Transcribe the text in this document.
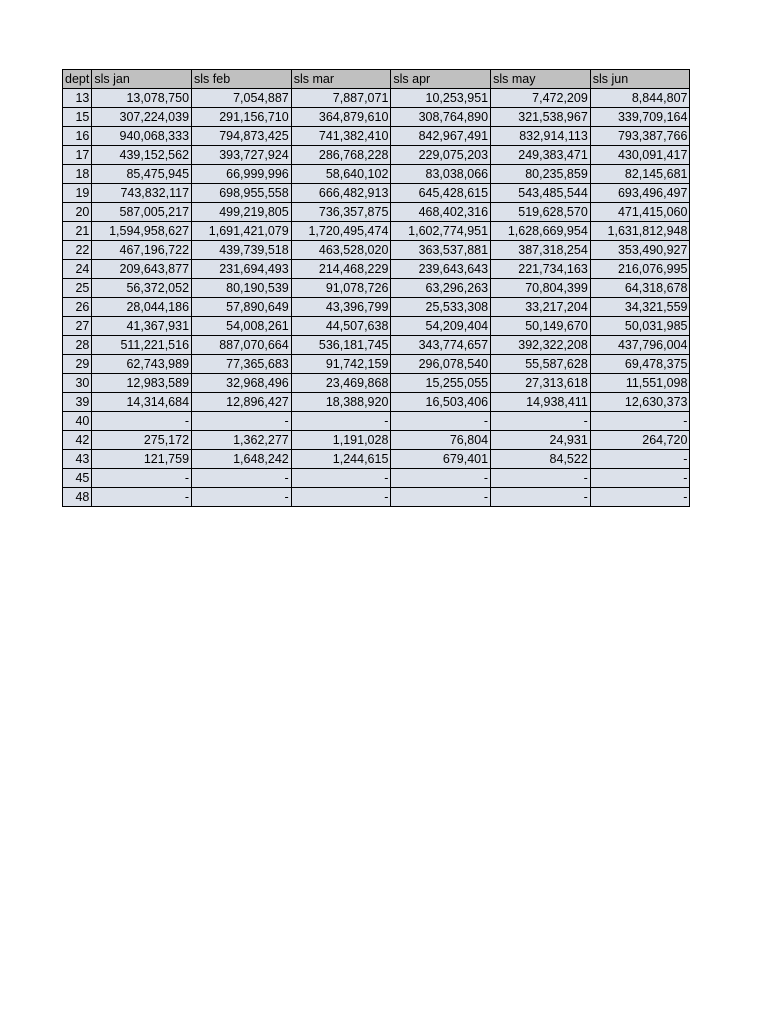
dept	sls jan	sls feb	sls mar	sls apr	sls may	sls jun
13	13,078,750	7,054,887	7,887,071	10,253,951	7,472,209	8,844,807
15	307,224,039	291,156,710	364,879,610	308,764,890	321,538,967	339,709,164
16	940,068,333	794,873,425	741,382,410	842,967,491	832,914,113	793,387,766
17	439,152,562	393,727,924	286,768,228	229,075,203	249,383,471	430,091,417
18	85,475,945	66,999,996	58,640,102	83,038,066	80,235,859	82,145,681
19	743,832,117	698,955,558	666,482,913	645,428,615	543,485,544	693,496,497
20	587,005,217	499,219,805	736,357,875	468,402,316	519,628,570	471,415,060
21	1,594,958,627	1,691,421,079	1,720,495,474	1,602,774,951	1,628,669,954	1,631,812,948
22	467,196,722	439,739,518	463,528,020	363,537,881	387,318,254	353,490,927
24	209,643,877	231,694,493	214,468,229	239,643,643	221,734,163	216,076,995
25	56,372,052	80,190,539	91,078,726	63,296,263	70,804,399	64,318,678
26	28,044,186	57,890,649	43,396,799	25,533,308	33,217,204	34,321,559
27	41,367,931	54,008,261	44,507,638	54,209,404	50,149,670	50,031,985
28	511,221,516	887,070,664	536,181,745	343,774,657	392,322,208	437,796,004
29	62,743,989	77,365,683	91,742,159	296,078,540	55,587,628	69,478,375
30	12,983,589	32,968,496	23,469,868	15,255,055	27,313,618	11,551,098
39	14,314,684	12,896,427	18,388,920	16,503,406	14,938,411	12,630,373
40	-	-	-	-	-	-
42	275,172	1,362,277	1,191,028	76,804	24,931	264,720
43	121,759	1,648,242	1,244,615	679,401	84,522	-
45	-	-	-	-	-	-
48	-	-	-	-	-	-
